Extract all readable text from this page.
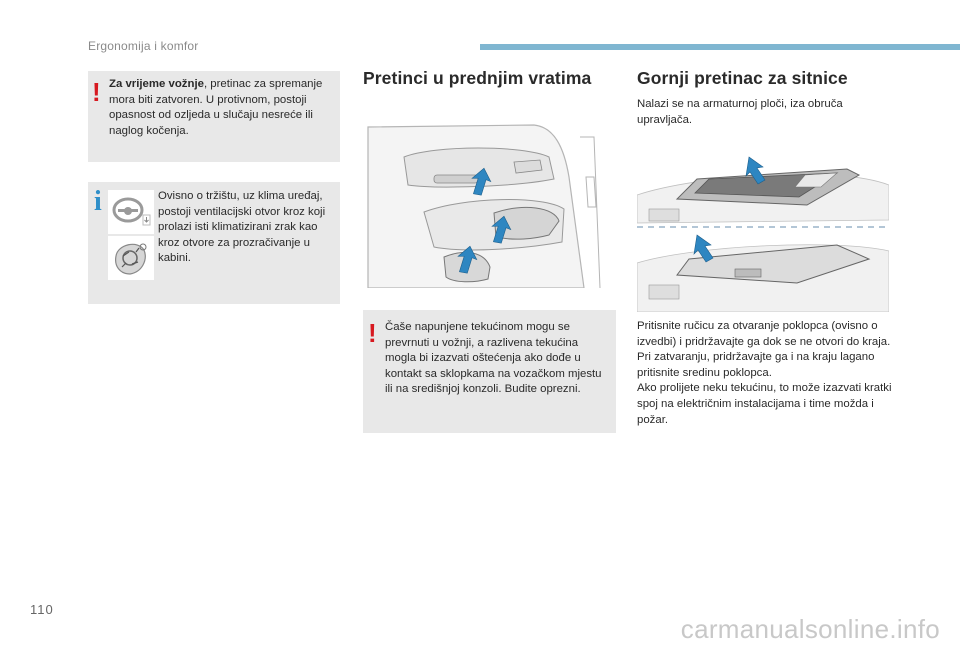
Ergonomija i komfor
! Za vrijeme vožnje, pretinac za spremanje mora biti zatvoren. U protivnom, postoji opasnost od ozljeda u slučaju nesreće ili naglog kočenja.
i	Ovisno o tržištu, uz klima uređaj, postoji ventilacijski otvor kroz koji prolazi isti klimatizirani zrak kao kroz otvore za prozračivanje u kabini.
Pretinci u prednjim vratima
! Čaše napunjene tekućinom mogu se prevrnuti u vožnji, a razlivena tekućina mogla bi izazvati oštećenja ako dođe u kontakt sa sklopkama na vozačkom mjestu ili na središnjoj konzoli. Budite oprezni.
Gornji pretinac za sitnice
Nalazi se na armaturnoj ploči, iza obruča upravljača.
Pritisnite ručicu za otvaranje poklopca (ovisno o izvedbi) i pridržavajte ga dok se ne otvori do kraja.
Pri zatvaranju, pridržavajte ga i na kraju lagano pritisnite sredinu poklopca.
Ako prolijete neku tekućinu, to može izazvati kratki spoj na električnim instalacijama i time možda i požar.
110
carmanualsonline.info
